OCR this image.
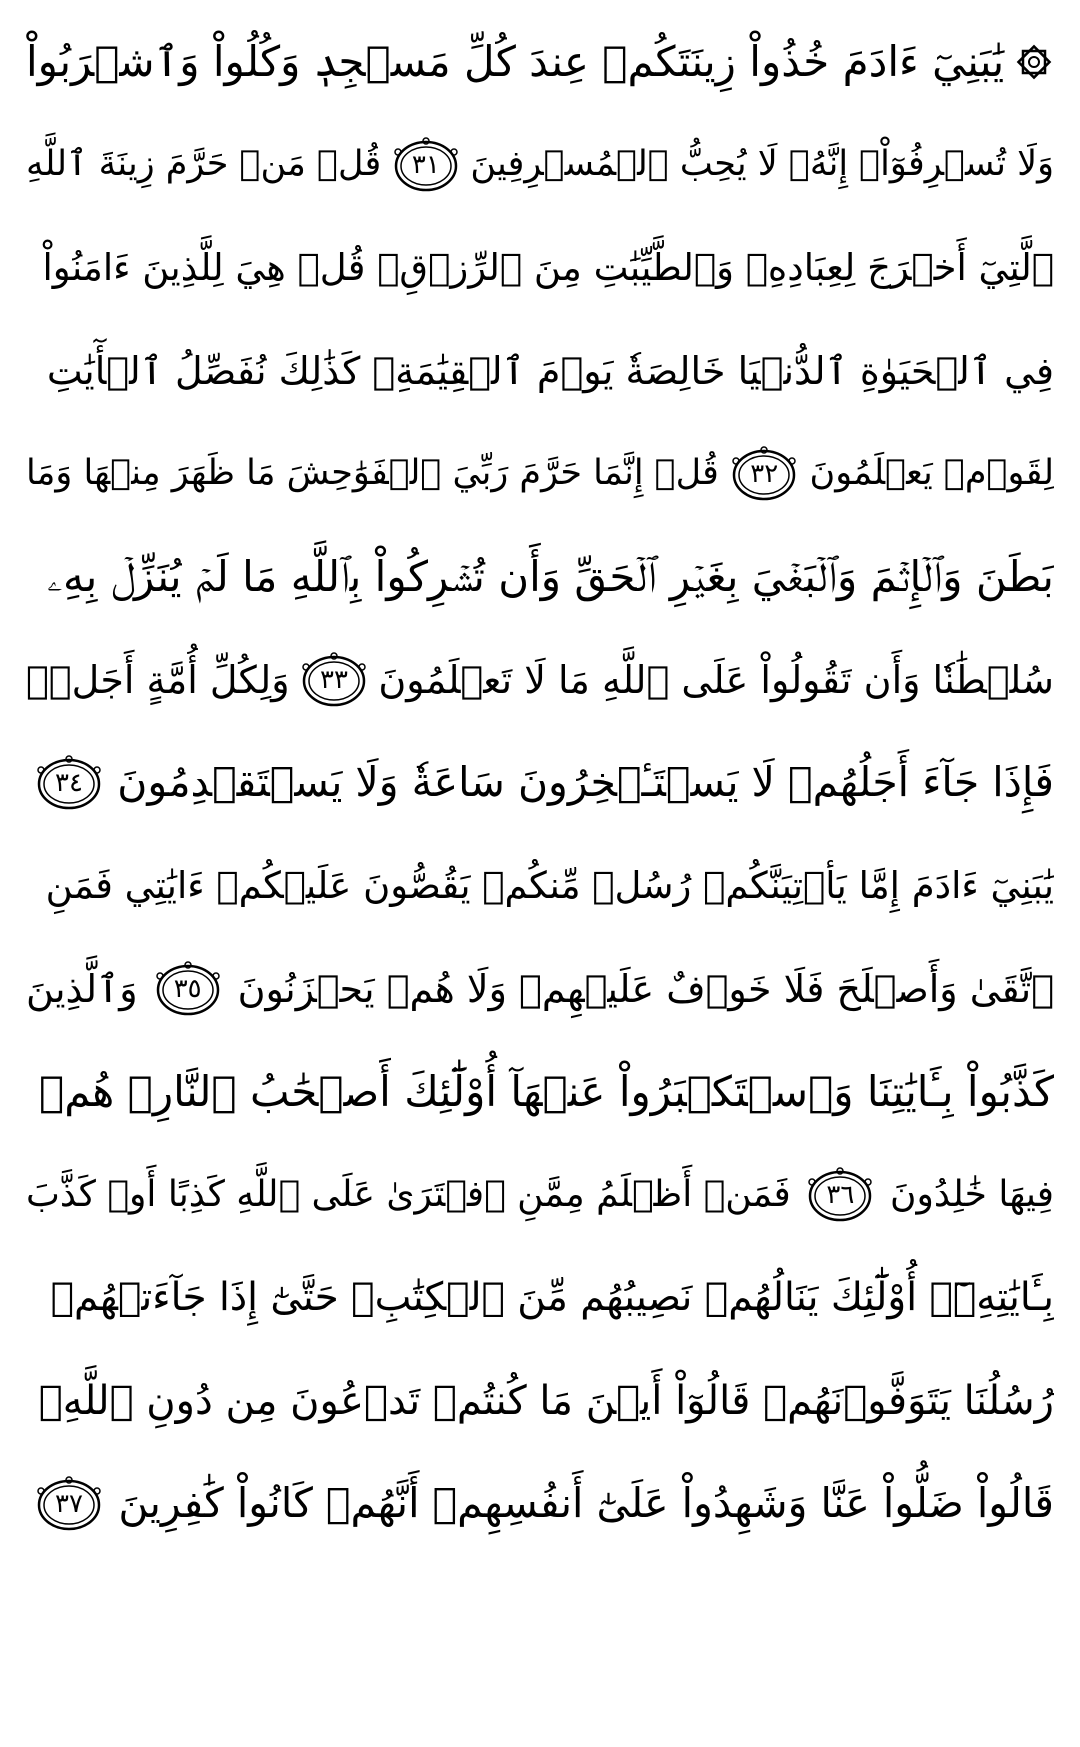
يَٰبَنِيٓ ءَادَمَ خُذُواْ زِينَتَكُمۡ عِندَ كُلِّ مَسۡجِدٖ وَكُلُواْ وَٱشۡرَبُواْ
وَلَا تُسۡرِفُوٓاْۚ إِنَّهُۥ لَا يُحِبُّ ٱلۡمُسۡرِفِينَ
٣١
قُلۡ مَنۡ حَرَّمَ زِينَةَ ٱللَّهِ
ٱلَّتِيٓ أَخۡرَجَ لِعِبَادِهِۦ وَٱلطَّيِّبَٰتِ مِنَ ٱلرِّزۡقِۚ قُلۡ هِيَ لِلَّذِينَ ءَامَنُواْ
فِي ٱلۡحَيَوٰةِ ٱلدُّنۡيَا خَالِصَةٗ يَوۡمَ ٱلۡقِيَٰمَةِۗ كَذَٰلِكَ نُفَصِّلُ ٱلۡأٓيَٰتِ
لِقَوۡمٖ يَعۡلَمُونَ
٣٢
قُلۡ إِنَّمَا حَرَّمَ رَبِّيَ ٱلۡفَوَٰحِشَ مَا ظَهَرَ مِنۡهَا وَمَا
بَطَنَ وَٱلۡإِثۡمَ وَٱلۡبَغۡيَ بِغَيۡرِ ٱلۡحَقِّ وَأَن تُشۡرِكُواْ بِٱللَّهِ مَا لَمۡ يُنَزِّلۡ بِهِۦ
سُلۡطَٰنٗا وَأَن تَقُولُواْ عَلَى ٱللَّهِ مَا لَا تَعۡلَمُونَ
٣٣
وَلِكُلِّ أُمَّةٍ أَجَلٞۖ
فَإِذَا جَآءَ أَجَلُهُمۡ لَا يَسۡتَـٔۡخِرُونَ سَاعَةٗ وَلَا يَسۡتَقۡدِمُونَ
٣٤
يَٰبَنِيٓ ءَادَمَ إِمَّا يَأۡتِيَنَّكُمۡ رُسُلٞ مِّنكُمۡ يَقُصُّونَ عَلَيۡكُمۡ ءَايَٰتِي فَمَنِ
ٱتَّقَىٰ وَأَصۡلَحَ فَلَا خَوۡفٌ عَلَيۡهِمۡ وَلَا هُمۡ يَحۡزَنُونَ
٣٥
وَٱلَّذِينَ
كَذَّبُواْ بِـَٔايَٰتِنَا وَٱسۡتَكۡبَرُواْ عَنۡهَآ أُوْلَٰٓئِكَ أَصۡحَٰبُ ٱلنَّارِۖ هُمۡ
فِيهَا خَٰلِدُونَ
٣٦
فَمَنۡ أَظۡلَمُ مِمَّنِ ٱفۡتَرَىٰ عَلَى ٱللَّهِ كَذِبًا أَوۡ كَذَّبَ
بِـَٔايَٰتِهِۦٓۚ أُوْلَٰٓئِكَ يَنَالُهُمۡ نَصِيبُهُم مِّنَ ٱلۡكِتَٰبِۖ حَتَّىٰٓ إِذَا جَآءَتۡهُمۡ
رُسُلُنَا يَتَوَفَّوۡنَهُمۡ قَالُوٓاْ أَيۡنَ مَا كُنتُمۡ تَدۡعُونَ مِن دُونِ ٱللَّهِۖ
قَالُواْ ضَلُّواْ عَنَّا وَشَهِدُواْ عَلَىٰٓ أَنفُسِهِمۡ أَنَّهُمۡ كَانُواْ كَٰفِرِينَ
٣٧
